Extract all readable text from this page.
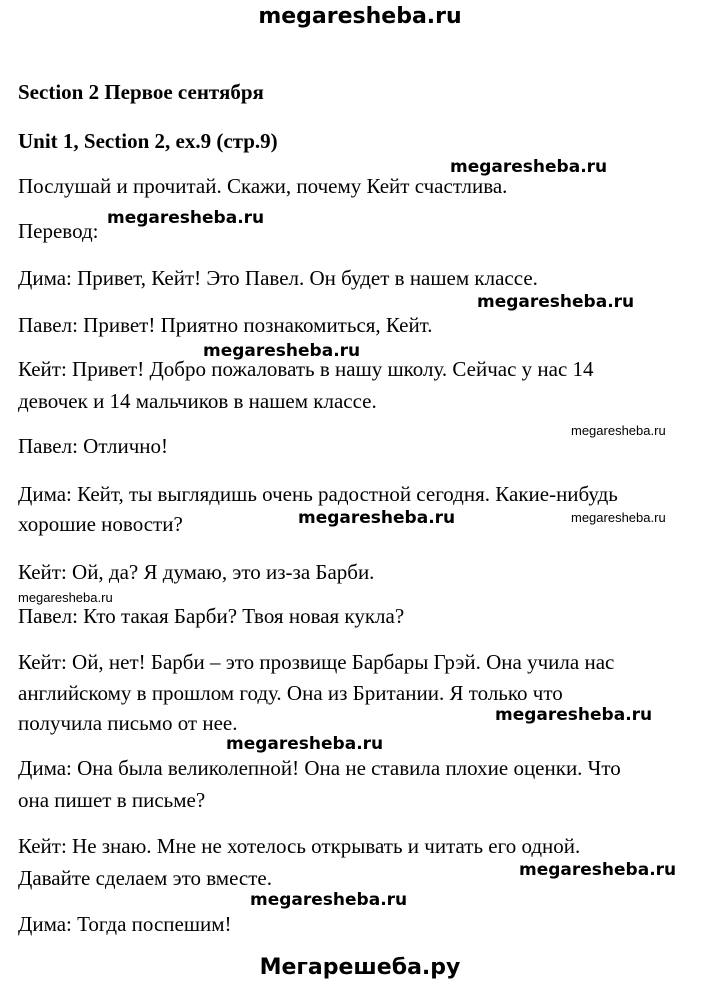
megaresheba.ru
Section 2 Первое сентября
Unit 1, Section 2, ex.9 (стр.9)
Послушай и прочитай. Скажи, почему Кейт счастлива.
Перевод:
Дима: Привет, Кейт! Это Павел. Он будет в нашем классе.
Павел: Привет! Приятно познакомиться, Кейт.
Кейт: Привет! Добро пожаловать в нашу школу. Сейчас у нас 14
девочек и 14 мальчиков в нашем классе.
Павел: Отлично!
Дима: Кейт, ты выглядишь очень радостной сегодня. Какие-нибудь
хорошие новости?
Кейт: Ой, да? Я думаю, это из-за Барби.
Павел: Кто такая Барби? Твоя новая кукла?
Кейт: Ой, нет! Барби – это прозвище Барбары Грэй. Она учила нас
английскому в прошлом году. Она из Британии. Я только что
получила письмо от нее.
Дима: Она была великолепной! Она не ставила плохие оценки. Что
она пишет в письме?
Кейт: Не знаю. Мне не хотелось открывать и читать его одной.
Давайте сделаем это вместе.
Дима: Тогда поспешим!
megaresheba.ru
megaresheba.ru
megaresheba.ru
megaresheba.ru
megaresheba.ru
megaresheba.ru	megaresheba.ru
megaresheba.ru
megaresheba.ru
megaresheba.ru
megaresheba.ru
megaresheba.ru
Мегарешеба.ру
